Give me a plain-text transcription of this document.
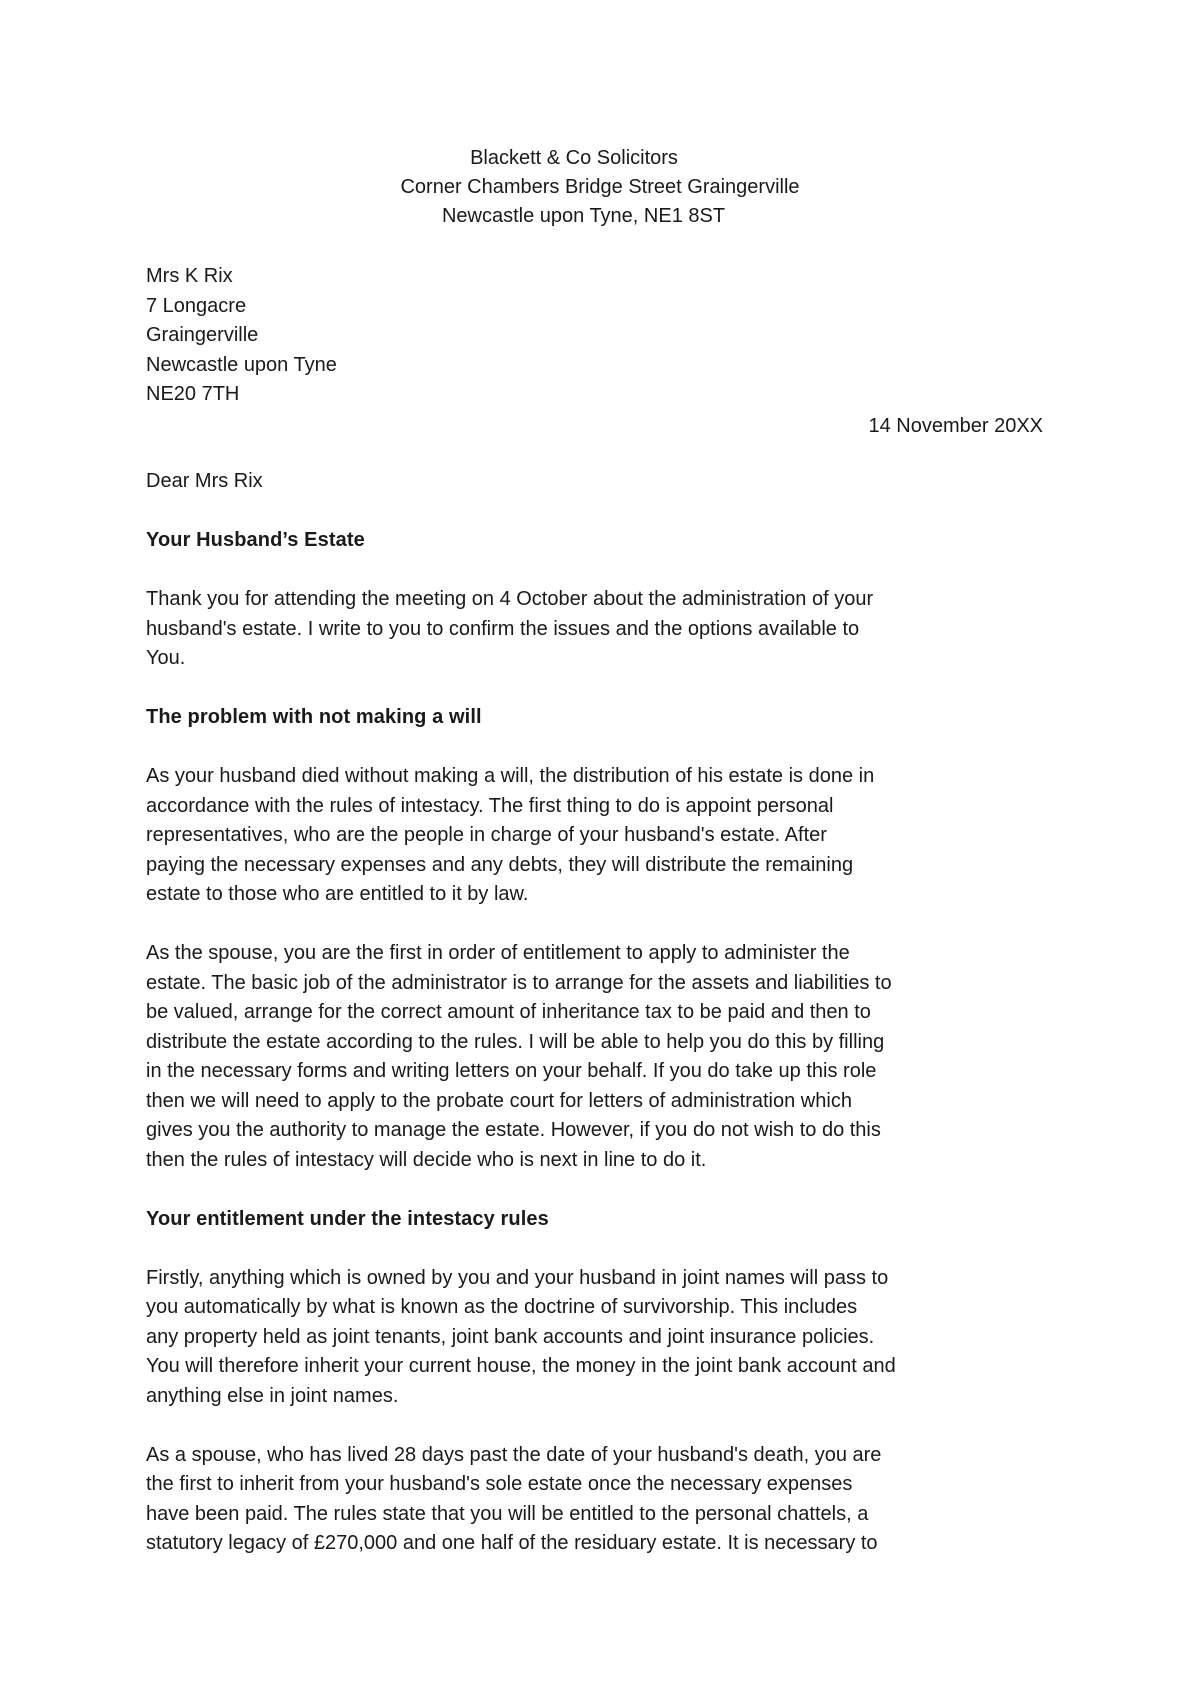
Blackett & Co Solicitors
Corner Chambers Bridge Street Graingerville
Newcastle upon Tyne, NE1 8ST
Mrs K Rix
7 Longacre
Graingerville
Newcastle upon Tyne
NE20 7TH
14 November 20XX
Dear Mrs Rix
Your Husband’s Estate
Thank you for attending the meeting on 4 October about the administration of your
husband's estate. I write to you to confirm the issues and the options available to
You.
The problem with not making a will
As your husband died without making a will, the distribution of his estate is done in
accordance with the rules of intestacy. The first thing to do is appoint personal
representatives, who are the people in charge of your husband's estate. After
paying the necessary expenses and any debts, they will distribute the remaining
estate to those who are entitled to it by law.
As the spouse, you are the first in order of entitlement to apply to administer the
estate. The basic job of the administrator is to arrange for the assets and liabilities to
be valued, arrange for the correct amount of inheritance tax to be paid and then to
distribute the estate according to the rules. I will be able to help you do this by filling
in the necessary forms and writing letters on your behalf. If you do take up this role
then we will need to apply to the probate court for letters of administration which
gives you the authority to manage the estate. However, if you do not wish to do this
then the rules of intestacy will decide who is next in line to do it.
Your entitlement under the intestacy rules
Firstly, anything which is owned by you and your husband in joint names will pass to
you automatically by what is known as the doctrine of survivorship. This includes
any property held as joint tenants, joint bank accounts and joint insurance policies.
You will therefore inherit your current house, the money in the joint bank account and
anything else in joint names.
As a spouse, who has lived 28 days past the date of your husband's death, you are
the first to inherit from your husband's sole estate once the necessary expenses
have been paid. The rules state that you will be entitled to the personal chattels, a
statutory legacy of £270,000 and one half of the residuary estate. It is necessary to
